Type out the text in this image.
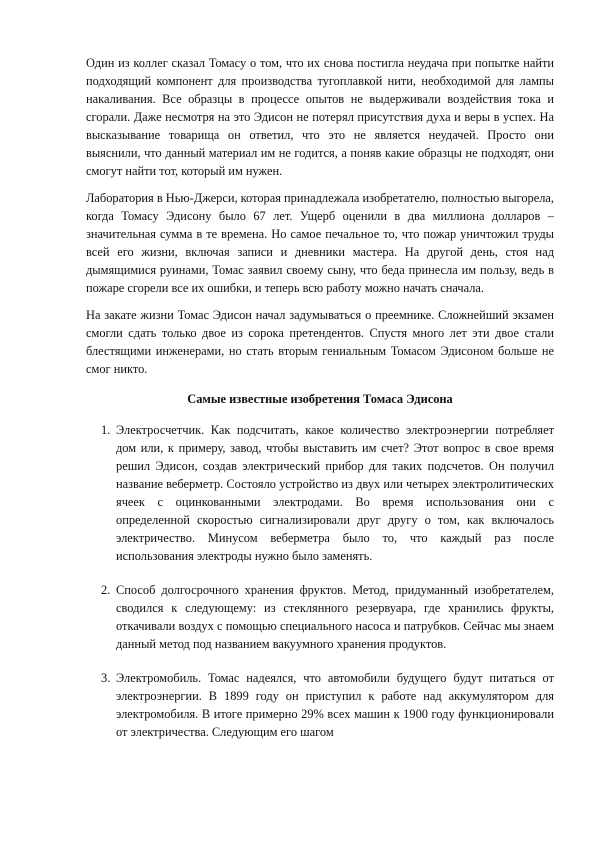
Один из коллег сказал Томасу о том, что их снова постигла неудача при попытке найти подходящий компонент для производства тугоплавкой нити, необходимой для лампы накаливания. Все образцы в процессе опытов не выдерживали воздействия тока и сгорали. Даже несмотря на это Эдисон не потерял присутствия духа и веры в успех. На высказывание товарища он ответил, что это не является неудачей. Просто они выяснили, что данный материал им не годится, а поняв какие образцы не подходят, они смогут найти тот, который им нужен.

Лаборатория в Нью-Джерси, которая принадлежала изобретателю, полностью выгорела, когда Томасу Эдисону было 67 лет. Ущерб оценили в два миллиона долларов – значительная сумма в те времена. Но самое печальное то, что пожар уничтожил труды всей его жизни, включая записи и дневники мастера. На другой день, стоя над дымящимися руинами, Томас заявил своему сыну, что беда принесла им пользу, ведь в пожаре сгорели все их ошибки, и теперь всю работу можно начать сначала.

На закате жизни Томас Эдисон начал задумываться о преемнике. Сложнейший экзамен смогли сдать только двое из сорока претендентов. Спустя много лет эти двое стали блестящими инженерами, но стать вторым гениальным Томасом Эдисоном больше не смог никто.

Самые известные изобретения Томаса Эдисона
1. Электросчетчик. Как подсчитать, какое количество электроэнергии потребляет дом или, к примеру, завод, чтобы выставить им счет? Этот вопрос в свое время решил Эдисон, создав электрический прибор для таких подсчетов. Он получил название веберметр. Состояло устройство из двух или четырех электролитических ячеек с оцинкованными электродами. Во время использования они с определенной скоростью сигнализировали друг другу о том, как включалось электричество. Минусом веберметра было то, что каждый раз после использования электроды нужно было заменять.
2. Способ долгосрочного хранения фруктов. Метод, придуманный изобретателем, сводился к следующему: из стеклянного резервуара, где хранились фрукты, откачивали воздух с помощью специального насоса и патрубков. Сейчас мы знаем данный метод под названием вакуумного хранения продуктов.
3. Электромобиль. Томас надеялся, что автомобили будущего будут питаться от электроэнергии. В 1899 году он приступил к работе над аккумулятором для электромобиля. В итоге примерно 29% всех машин к 1900 году функционировали от электричества. Следующим его шагом
